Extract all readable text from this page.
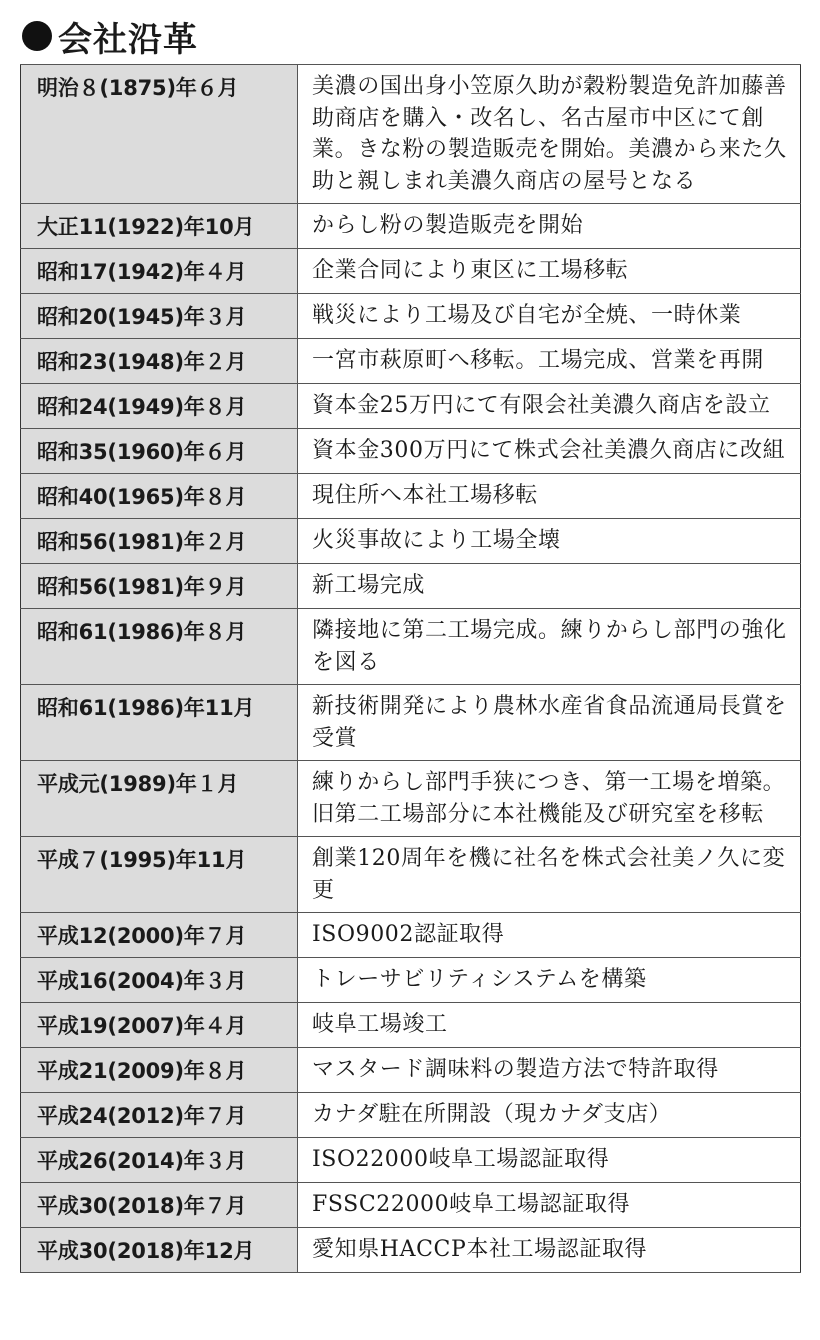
会社沿革
明治８(1875)年６月	美濃の国出身小笠原久助が穀粉製造免許加藤善助商店を購入・改名し、名古屋市中区にて創業。きな粉の製造販売を開始。美濃から来た久助と親しまれ美濃久商店の屋号となる
大正11(1922)年10月	からし粉の製造販売を開始
昭和17(1942)年４月	企業合同により東区に工場移転
昭和20(1945)年３月	戦災により工場及び自宅が全焼、一時休業
昭和23(1948)年２月	一宮市萩原町へ移転。工場完成、営業を再開
昭和24(1949)年８月	資本金25万円にて有限会社美濃久商店を設立
昭和35(1960)年６月	資本金300万円にて株式会社美濃久商店に改組
昭和40(1965)年８月	現住所へ本社工場移転
昭和56(1981)年２月	火災事故により工場全壊
昭和56(1981)年９月	新工場完成
昭和61(1986)年８月	隣接地に第二工場完成。練りからし部門の強化を図る
昭和61(1986)年11月	新技術開発により農林水産省食品流通局長賞を受賞
平成元(1989)年１月	練りからし部門手狭につき、第一工場を増築。旧第二工場部分に本社機能及び研究室を移転
平成７(1995)年11月	創業120周年を機に社名を株式会社美ノ久に変更
平成12(2000)年７月	ISO9002認証取得
平成16(2004)年３月	トレーサビリティシステムを構築
平成19(2007)年４月	岐阜工場竣工
平成21(2009)年８月	マスタード調味料の製造方法で特許取得
平成24(2012)年７月	カナダ駐在所開設（現カナダ支店）
平成26(2014)年３月	ISO22000岐阜工場認証取得
平成30(2018)年７月	FSSC22000岐阜工場認証取得
平成30(2018)年12月	愛知県HACCP本社工場認証取得
